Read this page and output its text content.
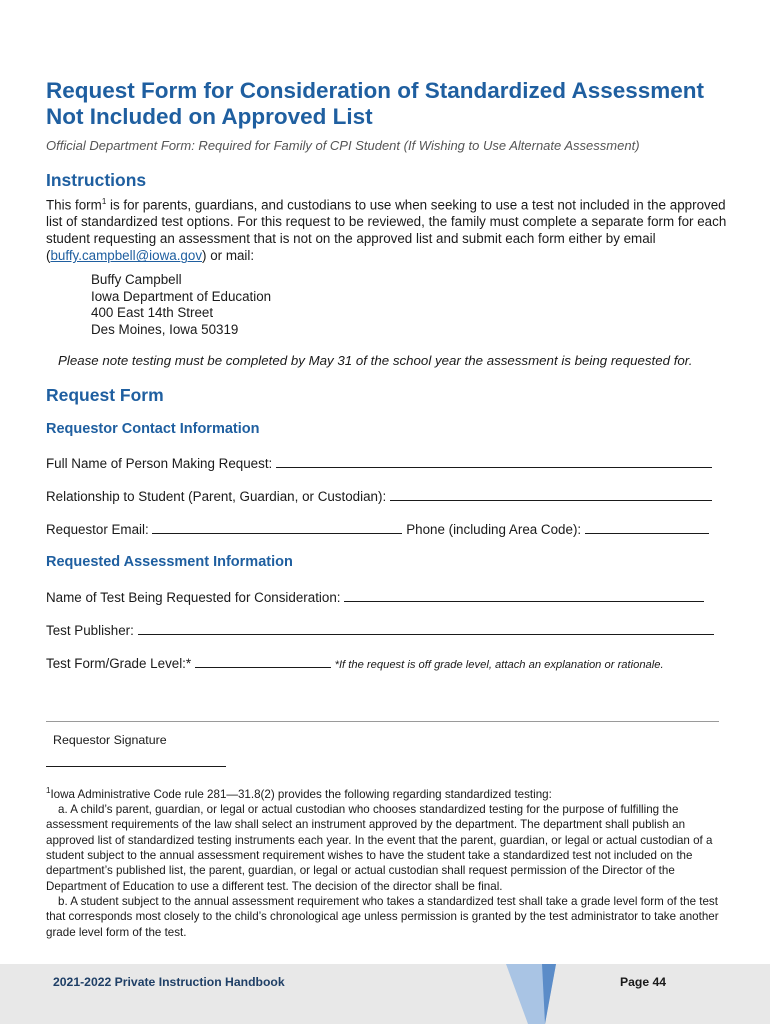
Request Form for Consideration of Standardized Assessment
Not Included on Approved List
Official Department Form: Required for Family of CPI Student (If Wishing to Use Alternate Assessment)
Instructions
This form$^1$ is for parents, guardians, and custodians to use when seeking to use a test not included in the approved list of standardized test options. For this request to be reviewed, the family must complete a separate form for each student requesting an assessment that is not on the approved list and submit each form either by email (buffy.campbell@iowa.gov) or mail:
Buffy Campbell
Iowa Department of Education
400 East 14th Street
Des Moines, Iowa 50319
Please note testing must be completed by May 31 of the school year the assessment is being requested for.
Request Form
Requestor Contact Information
Full Name of Person Making Request:
Relationship to Student (Parent, Guardian, or Custodian):
Requestor Email:	Phone (including Area Code):
Requested Assessment Information
Name of Test Being Requested for Consideration:
Test Publisher:
Test Form/Grade Level:*	*If the request is off grade level, attach an explanation or rationale.
Requestor Signature

$^1$Iowa Administrative Code rule 281—31.8(2) provides the following regarding standardized testing:

a. A child’s parent, guardian, or legal or actual custodian who chooses standardized testing for the purpose of fulfilling the assessment requirements of the law shall select an instrument approved by the department. The department shall publish an approved list of standardized testing instruments each year. In the event that the parent, guardian, or legal or actual custodian of a student subject to the annual assessment requirement wishes to have the student take a standardized test not included on the department’s published list, the parent, guardian, or legal or actual custodian shall request permission of the Director of the Department of Education to use a different test. The decision of the director shall be final.

b. A student subject to the annual assessment requirement who takes a standardized test shall take a grade level form of the test that corresponds most closely to the child’s chronological age unless permission is granted by the test administrator to take another grade level form of the test.

2021-2022 Private Instruction Handbook	Page 44
